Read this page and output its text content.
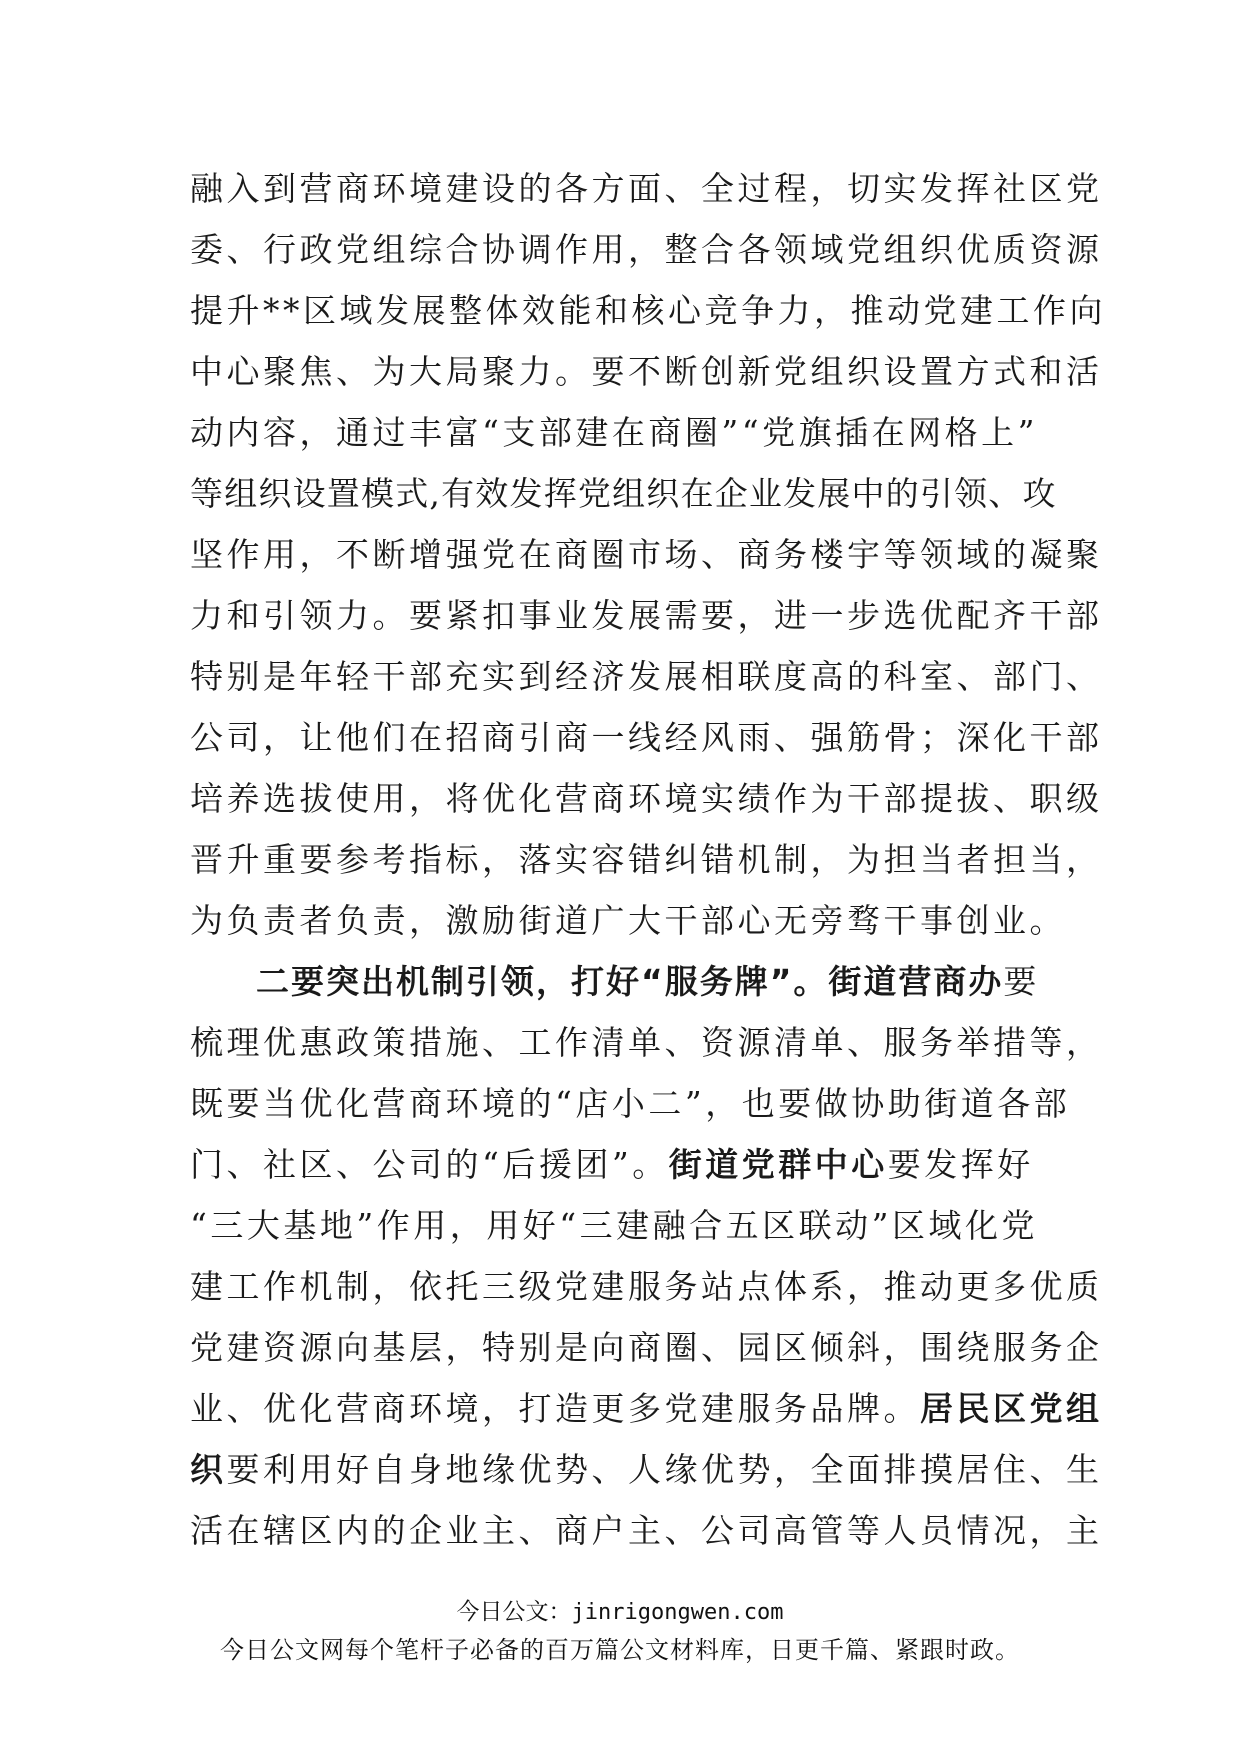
融入到营商环境建设的各方面、全过程，切实发挥社区党
委、行政党组综合协调作用，整合各领域党组织优质资源
提升**区域发展整体效能和核心竞争力，推动党建工作向
中心聚焦、为大局聚力。要不断创新党组织设置方式和活
动内容，通过丰富“支部建在商圈”“党旗插在网格上”
等组织设置模式,有效发挥党组织在企业发展中的引领、攻
坚作用，不断增强党在商圈市场、商务楼宇等领域的凝聚
力和引领力。要紧扣事业发展需要，进一步选优配齐干部
特别是年轻干部充实到经济发展相联度高的科室、部门、
公司，让他们在招商引商一线经风雨、强筋骨；深化干部
培养选拔使用，将优化营商环境实绩作为干部提拔、职级
晋升重要参考指标，落实容错纠错机制，为担当者担当，
为负责者负责，激励街道广大干部心无旁骛干事创业。
二要突出机制引领，打好“服务牌”。街道营商办要
梳理优惠政策措施、工作清单、资源清单、服务举措等，
既要当优化营商环境的“店小二”，也要做协助街道各部
门、社区、公司的“后援团”。街道党群中心要发挥好
“三大基地”作用，用好“三建融合五区联动”区域化党
建工作机制，依托三级党建服务站点体系，推动更多优质
党建资源向基层，特别是向商圈、园区倾斜，围绕服务企
业、优化营商环境，打造更多党建服务品牌。居民区党组
织要利用好自身地缘优势、人缘优势，全面排摸居住、生
活在辖区内的企业主、商户主、公司高管等人员情况，主
今日公文：jinrigongwen.com
今日公文网每个笔杆子必备的百万篇公文材料库，日更千篇、紧跟时政。
